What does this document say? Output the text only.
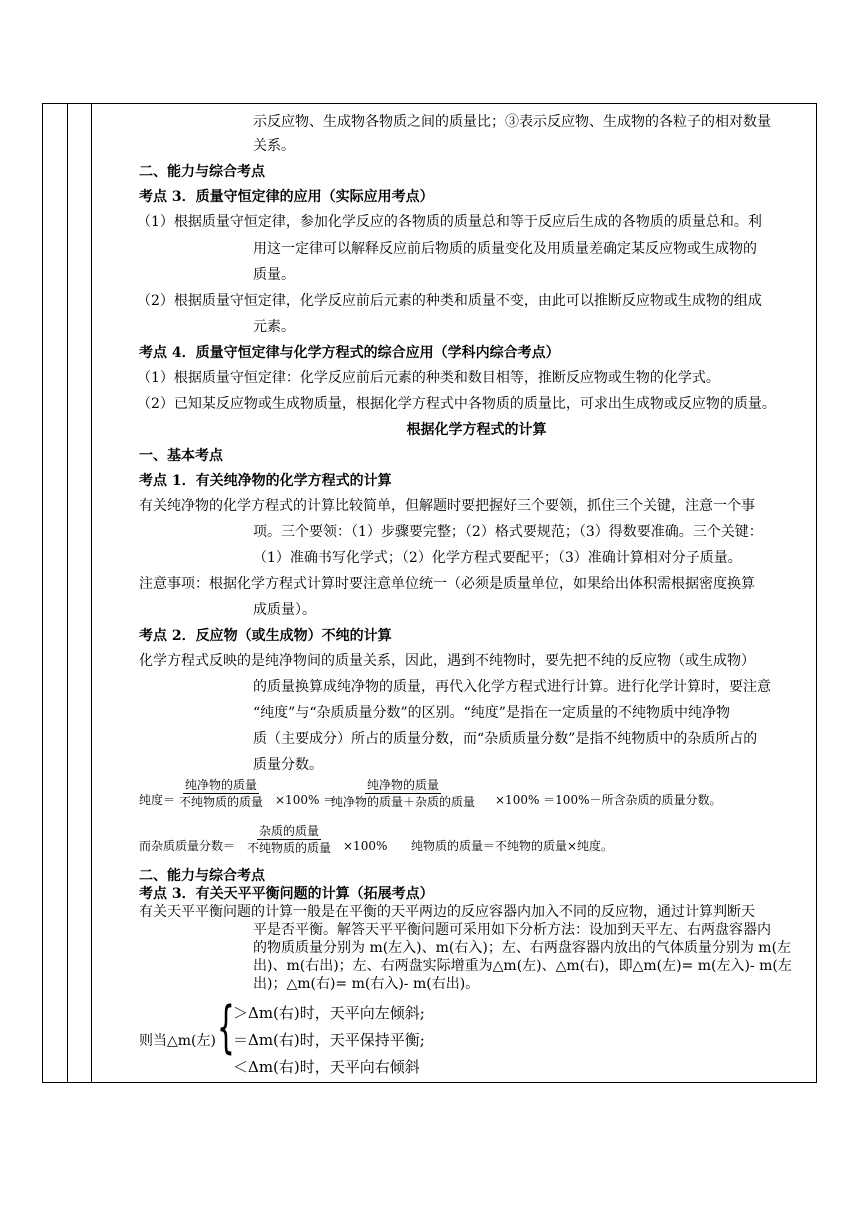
示反应物、生成物各物质之间的质量比；③表示反应物、生成物的各粒子的相对数量
关系。
二、能力与综合考点
考点 3．质量守恒定律的应用（实际应用考点）
（1）根据质量守恒定律，参加化学反应的各物质的质量总和等于反应后生成的各物质的质量总和。利
用这一定律可以解释反应前后物质的质量变化及用质量差确定某反应物或生成物的
质量。
（2）根据质量守恒定律，化学反应前后元素的种类和质量不变，由此可以推断反应物或生成物的组成
元素。
考点 4．质量守恒定律与化学方程式的综合应用（学科内综合考点）
（1）根据质量守恒定律：化学反应前后元素的种类和数目相等，推断反应物或生物的化学式。
（2）已知某反应物或生成物质量，根据化学方程式中各物质的质量比，可求出生成物或反应物的质量。
根据化学方程式的计算
一、基本考点
考点 1．有关纯净物的化学方程式的计算
有关纯净物的化学方程式的计算比较简单，但解题时要把握好三个要领，抓住三个关键，注意一个事
项。三个要领：（1）步骤要完整；（2）格式要规范；（3）得数要准确。三个关键：
（1）准确书写化学式；（2）化学方程式要配平；（3）准确计算相对分子质量。
注意事项：根据化学方程式计算时要注意单位统一（必须是质量单位，如果给出体积需根据密度换算
成质量）。
考点 2．反应物（或生成物）不纯的计算
化学方程式反映的是纯净物间的质量关系，因此，遇到不纯物时，要先把不纯的反应物（或生成物）
的质量换算成纯净物的质量，再代入化学方程式进行计算。进行化学计算时，要注意
“纯度”与“杂质质量分数”的区别。“纯度”是指在一定质量的不纯物质中纯净物
质（主要成分）所占的质量分数，而“杂质质量分数”是指不纯物质中的杂质所占的
质量分数。
纯度＝
纯净物的质量
不纯物质的质量 ×100% ＝
纯净物的质量
纯净物的质量＋杂质的质量 ×100% ＝100%－所含杂质的质量分数。
而杂质质量分数＝
杂质的质量
不纯物质的质量 ×100% 纯物质的质量＝不纯物的质量×纯度。
二、能力与综合考点
考点 3．有关天平平衡问题的计算（拓展考点）
有关天平平衡问题的计算一般是在平衡的天平两边的反应容器内加入不同的反应物，通过计算判断天
平是否平衡。解答天平平衡问题可采用如下分析方法：设加到天平左、右两盘容器内
的物质质量分别为 m(左入)、m(右入)；左、右两盘容器内放出的气体质量分别为 m(左
出)、m(右出)；左、右两盘实际增重为△m(左)、△m(右)，即△m(左)= m(左入)- m(左
出)；△m(右)= m(右入)- m(右出)。
则当△m(左) {
＞Δm(右)时，天平向左倾斜;
＝Δm(右)时，天平保持平衡;
＜Δm(右)时，天平向右倾斜
